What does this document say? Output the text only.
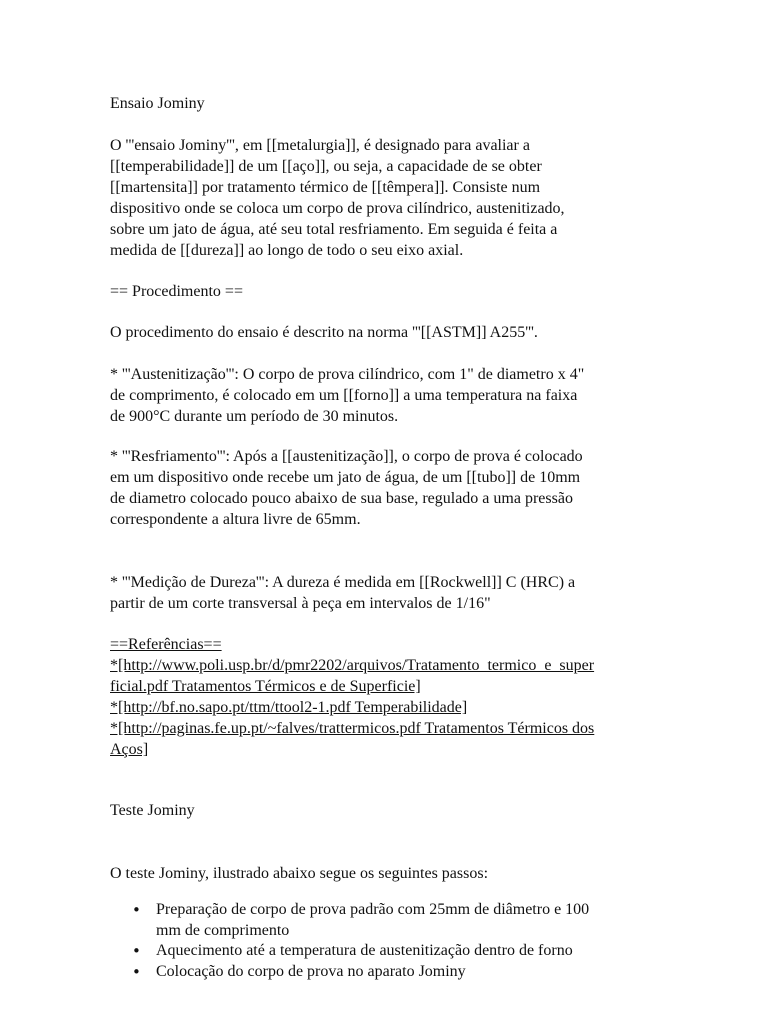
Ensaio Jominy

O '''ensaio Jominy''', em [[metalurgia]], é designado para avaliar a
[[temperabilidade]] de um [[aço]], ou seja, a capacidade de se obter
[[martensita]] por tratamento térmico de [[têmpera]]. Consiste num
dispositivo onde se coloca um corpo de prova cilíndrico, austenitizado,
sobre um jato de água, até seu total resfriamento. Em seguida é feita a
medida de [[dureza]] ao longo de todo o seu eixo axial.

== Procedimento ==

O procedimento do ensaio é descrito na norma '''[[ASTM]] A255'''.

* '''Austenitização''': O corpo de prova cilíndrico, com 1" de diametro x 4"
de comprimento, é colocado em um [[forno]] a uma temperatura na faixa
de 900°C durante um período de 30 minutos.

* '''Resfriamento''': Após a [[austenitização]], o corpo de prova é colocado
em um dispositivo onde recebe um jato de água, de um [[tubo]] de 10mm
de diametro colocado pouco abaixo de sua base, regulado a uma pressão
correspondente a altura livre de 65mm.

* '''Medição de Dureza''': A dureza é medida em [[Rockwell]] C (HRC) a
partir de um corte transversal à peça em intervalos de 1/16"

==Referências==
*[http://www.poli.usp.br/d/pmr2202/arquivos/Tratamento_termico_e_super
ficial.pdf Tratamentos Térmicos e de Superficie]
*[http://bf.no.sapo.pt/ttm/ttool2-1.pdf Temperabilidade]
*[http://paginas.fe.up.pt/~falves/trattermicos.pdf Tratamentos Térmicos dos
Aços]

Teste Jominy

O teste Jominy, ilustrado abaixo segue os seguintes passos:

• Preparação de corpo de prova padrão com 25mm de diâmetro e 100
mm de comprimento
• Aquecimento até a temperatura de austenitização dentro de forno
• Colocação do corpo de prova no aparato Jominy
